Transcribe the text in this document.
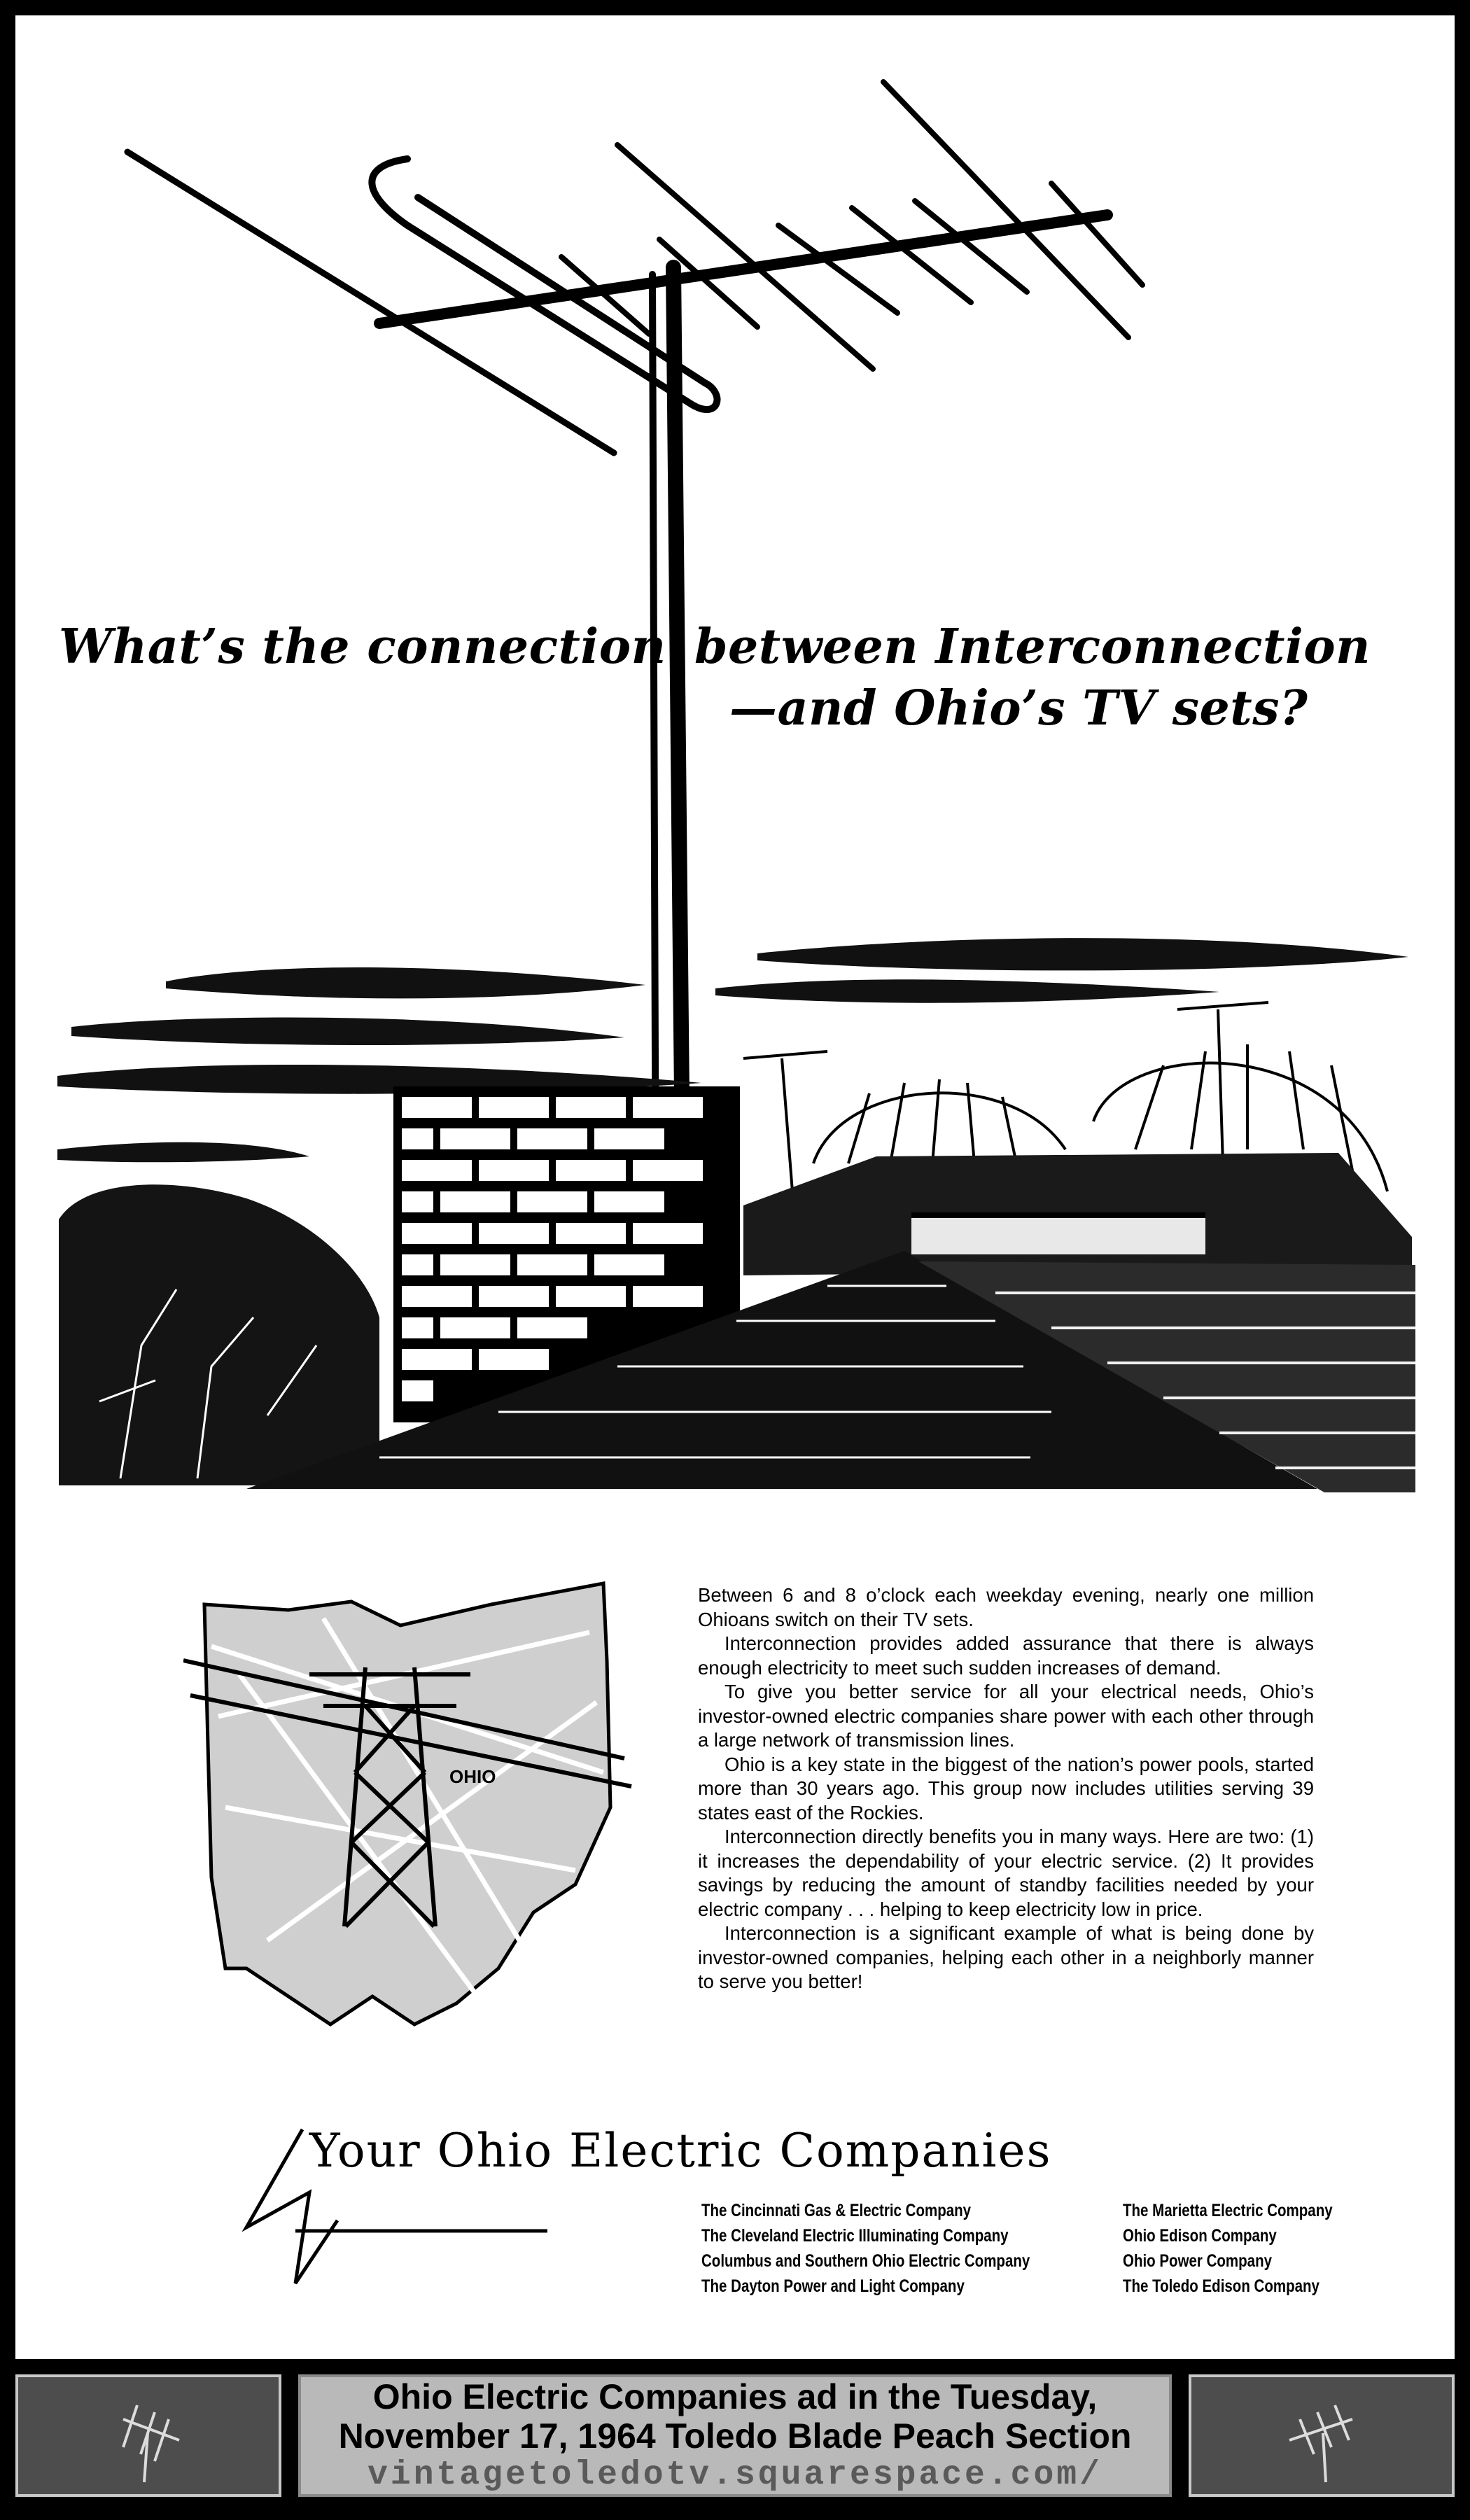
What’s the connection between Interconnection
—and Ohio’s TV sets?
OHIO

Between 6 and 8 o’clock each weekday evening, nearly one million Ohioans switch on their TV sets.

Interconnection provides added assurance that there is always enough electricity to meet such sudden increases of demand.

To give you better service for all your electrical needs, Ohio’s investor-owned electric companies share power with each other through a large network of transmission lines.

Ohio is a key state in the biggest of the nation’s power pools, started more than 30 years ago. This group now includes utilities serving 39 states east of the Rockies.

Interconnection directly benefits you in many ways. Here are two: (1) it increases the dependability of your electric service. (2) It provides savings by reducing the amount of standby facilities needed by your electric company . . . helping to keep electricity low in price.

Interconnection is a significant example of what is being done by investor-owned companies, helping each other in a neighborly manner to serve you better!

Your Ohio Electric Companies
The Cincinnati Gas & Electric Company
The Cleveland Electric Illuminating Company
Columbus and Southern Ohio Electric Company
The Dayton Power and Light Company
The Marietta Electric Company
Ohio Edison Company
Ohio Power Company
The Toledo Edison Company
Ohio Electric Companies ad in the Tuesday,
November 17, 1964 Toledo Blade Peach Section
vintagetoledotv.squarespace.com/
